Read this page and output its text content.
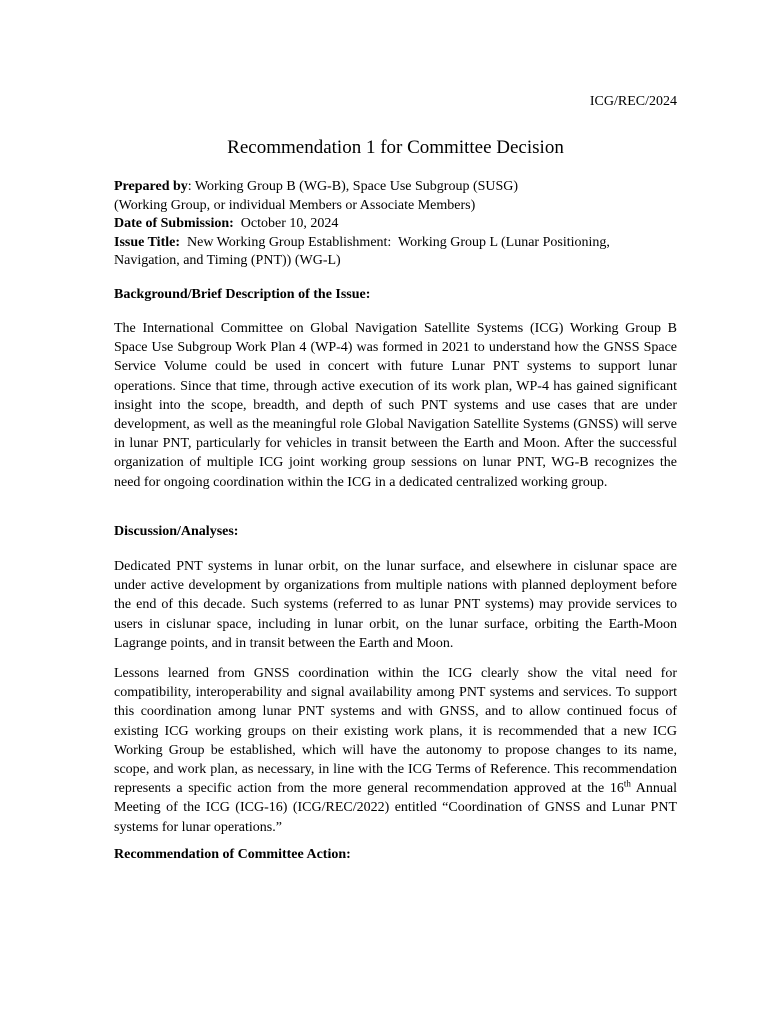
ICG/REC/2024
Recommendation 1 for Committee Decision
Prepared by: Working Group B (WG-B), Space Use Subgroup (SUSG)
(Working Group, or individual Members or Associate Members)
Date of Submission:  October 10, 2024
Issue Title:  New Working Group Establishment:  Working Group L (Lunar Positioning, Navigation, and Timing (PNT)) (WG-L)
Background/Brief Description of the Issue:

The International Committee on Global Navigation Satellite Systems (ICG) Working Group B Space Use Subgroup Work Plan 4 (WP-4) was formed in 2021 to understand how the GNSS Space Service Volume could be used in concert with future Lunar PNT systems to support lunar operations. Since that time, through active execution of its work plan, WP-4 has gained significant insight into the scope, breadth, and depth of such PNT systems and use cases that are under development, as well as the meaningful role Global Navigation Satellite Systems (GNSS) will serve in lunar PNT, particularly for vehicles in transit between the Earth and Moon. After the successful organization of multiple ICG joint working group sessions on lunar PNT, WG-B recognizes the need for ongoing coordination within the ICG in a dedicated centralized working group.

Discussion/Analyses:

Dedicated PNT systems in lunar orbit, on the lunar surface, and elsewhere in cislunar space are under active development by organizations from multiple nations with planned deployment before the end of this decade. Such systems (referred to as lunar PNT systems) may provide services to users in cislunar space, including in lunar orbit, on the lunar surface, orbiting the Earth-Moon Lagrange points, and in transit between the Earth and Moon.

Lessons learned from GNSS coordination within the ICG clearly show the vital need for compatibility, interoperability and signal availability among PNT systems and services. To support this coordination among lunar PNT systems and with GNSS, and to allow continued focus of existing ICG working groups on their existing work plans, it is recommended that a new ICG Working Group be established, which will have the autonomy to propose changes to its name, scope, and work plan, as necessary, in line with the ICG Terms of Reference. This recommendation represents a specific action from the more general recommendation approved at the 16th Annual Meeting of the ICG (ICG-16) (ICG/REC/2022) entitled “Coordination of GNSS and Lunar PNT systems for lunar operations.”

Recommendation of Committee Action:
